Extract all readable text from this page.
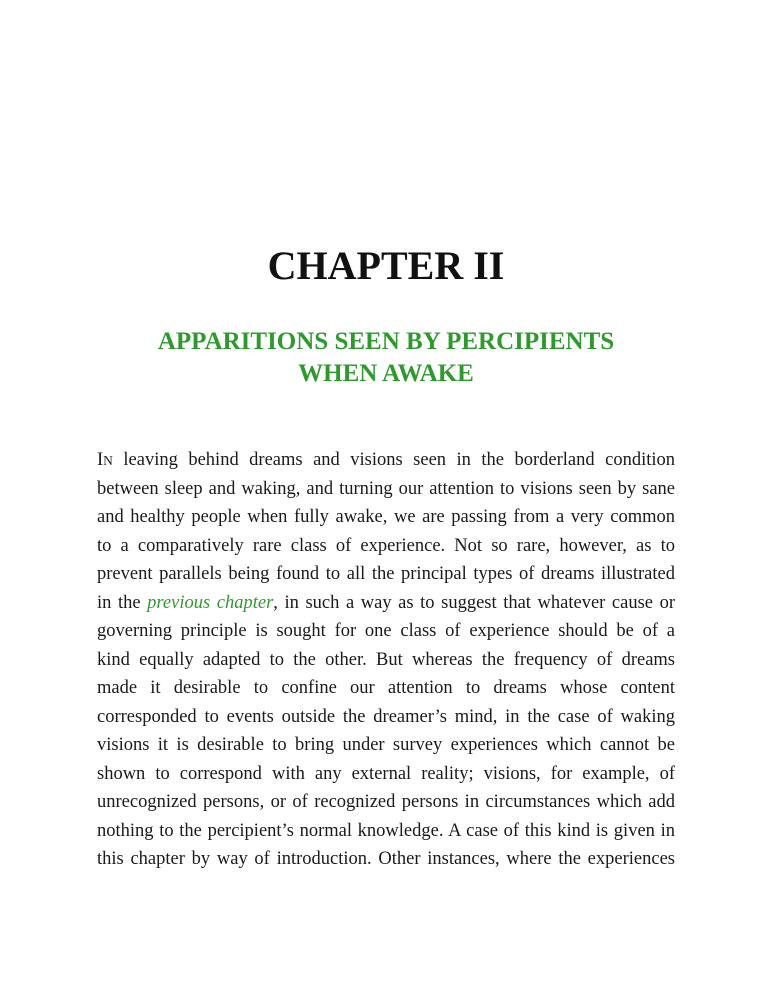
CHAPTER II
APPARITIONS SEEN BY PERCIPIENTS
WHEN AWAKE
IN leaving behind dreams and visions seen in the borderland condition
between sleep and waking, and turning our attention to visions seen by sane
and healthy people when fully awake, we are passing from a very common
to a comparatively rare class of experience. Not so rare, however, as to
prevent parallels being found to all the principal types of dreams illustrated
in the previous chapter, in such a way as to suggest that whatever cause or
governing principle is sought for one class of experience should be of a
kind equally adapted to the other. But whereas the frequency of dreams
made it desirable to confine our attention to dreams whose content
corresponded to events outside the dreamer’s mind, in the case of waking
visions it is desirable to bring under survey experiences which cannot be
shown to correspond with any external reality; visions, for example, of
unrecognized persons, or of recognized persons in circumstances which add
nothing to the percipient’s normal knowledge. A case of this kind is given in
this chapter by way of introduction. Other instances, where the experiences
